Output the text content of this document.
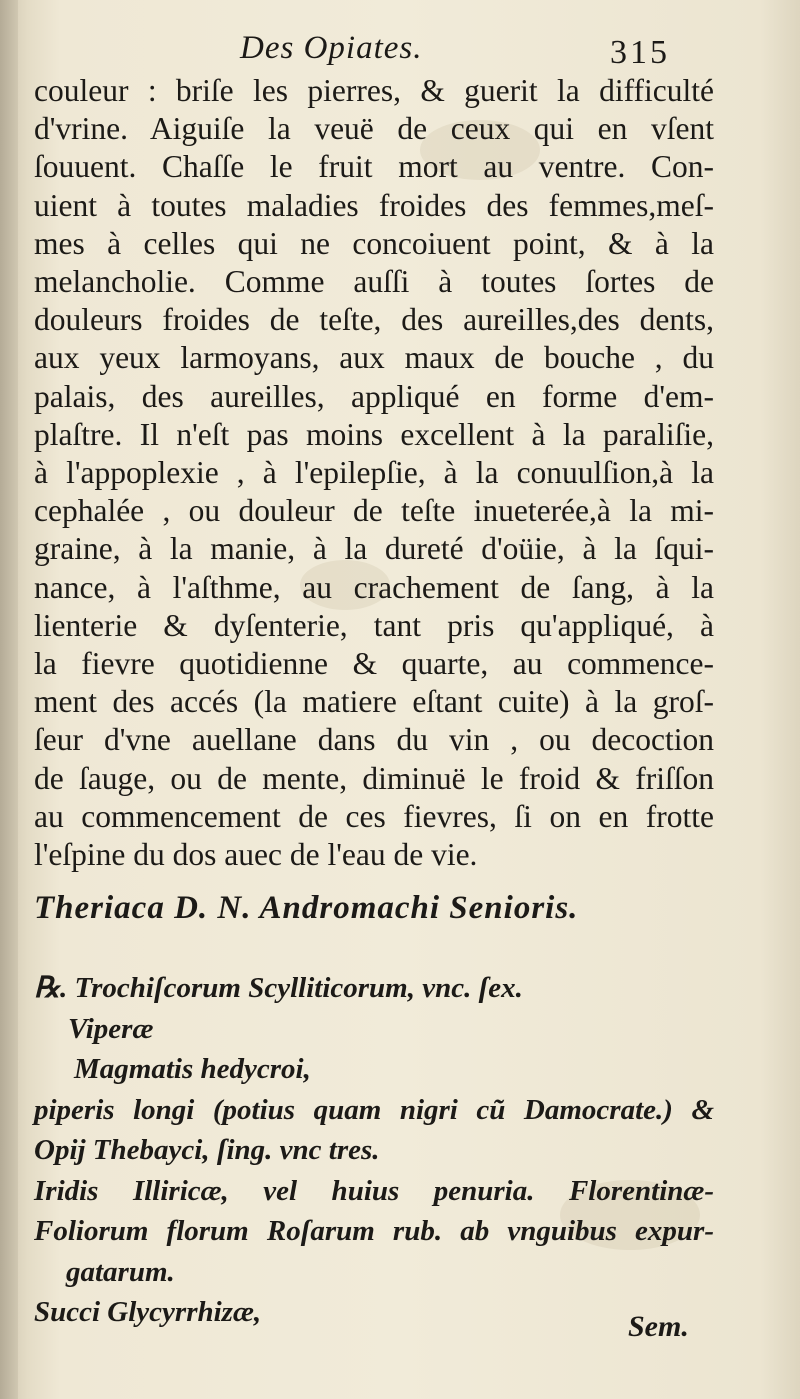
Des Opiates.	315
couleur : briſe les pierres, & guerit la difficulté
d'vrine. Aiguiſe la veuë de ceux qui en vſent
ſouuent. Chaſſe le fruit mort au ventre. Con-
uient à toutes maladies froides des femmes,meſ-
mes à celles qui ne concoiuent point, & à la
melancholie. Comme auſſi à toutes ſortes de
douleurs froides de teſte, des aureilles,des dents,
aux yeux larmoyans, aux maux de bouche , du
palais, des aureilles, appliqué en forme d'em-
plaſtre. Il n'eſt pas moins excellent à la paraliſie,
à l'appoplexie , à l'epilepſie, à la conuulſion,à la
cephalée , ou douleur de teſte inueterée,à la mi-
graine, à la manie, à la dureté d'oüie, à la ſqui-
nance, à l'aſthme, au crachement de ſang, à la
lienterie & dyſenterie, tant pris qu'appliqué, à
la fievre quotidienne & quarte, au commence-
ment des accés (la matiere eſtant cuite) à la groſ-
ſeur d'vne auellane dans du vin , ou decoction
de ſauge, ou de mente, diminuë le froid & friſſon
au commencement de ces fievres, ſi on en frotte
l'eſpine du dos auec de l'eau de vie.
Theriaca D. N. Andromachi Senioris.
℞. Trochiſcorum Scylliticorum, vnc. ſex.
Viperæ
Magmatis hedycroi,
piperis longi (potius quam nigri cũ Damocrate.) &
Opij Thebayci, ſing. vnc tres.
Iridis Illiricæ, vel huius penuria. Florentinæ-
Foliorum florum Roſarum rub. ab vnguibus expur-
gatarum.
Succi Glycyrrhizæ,	Sem.
